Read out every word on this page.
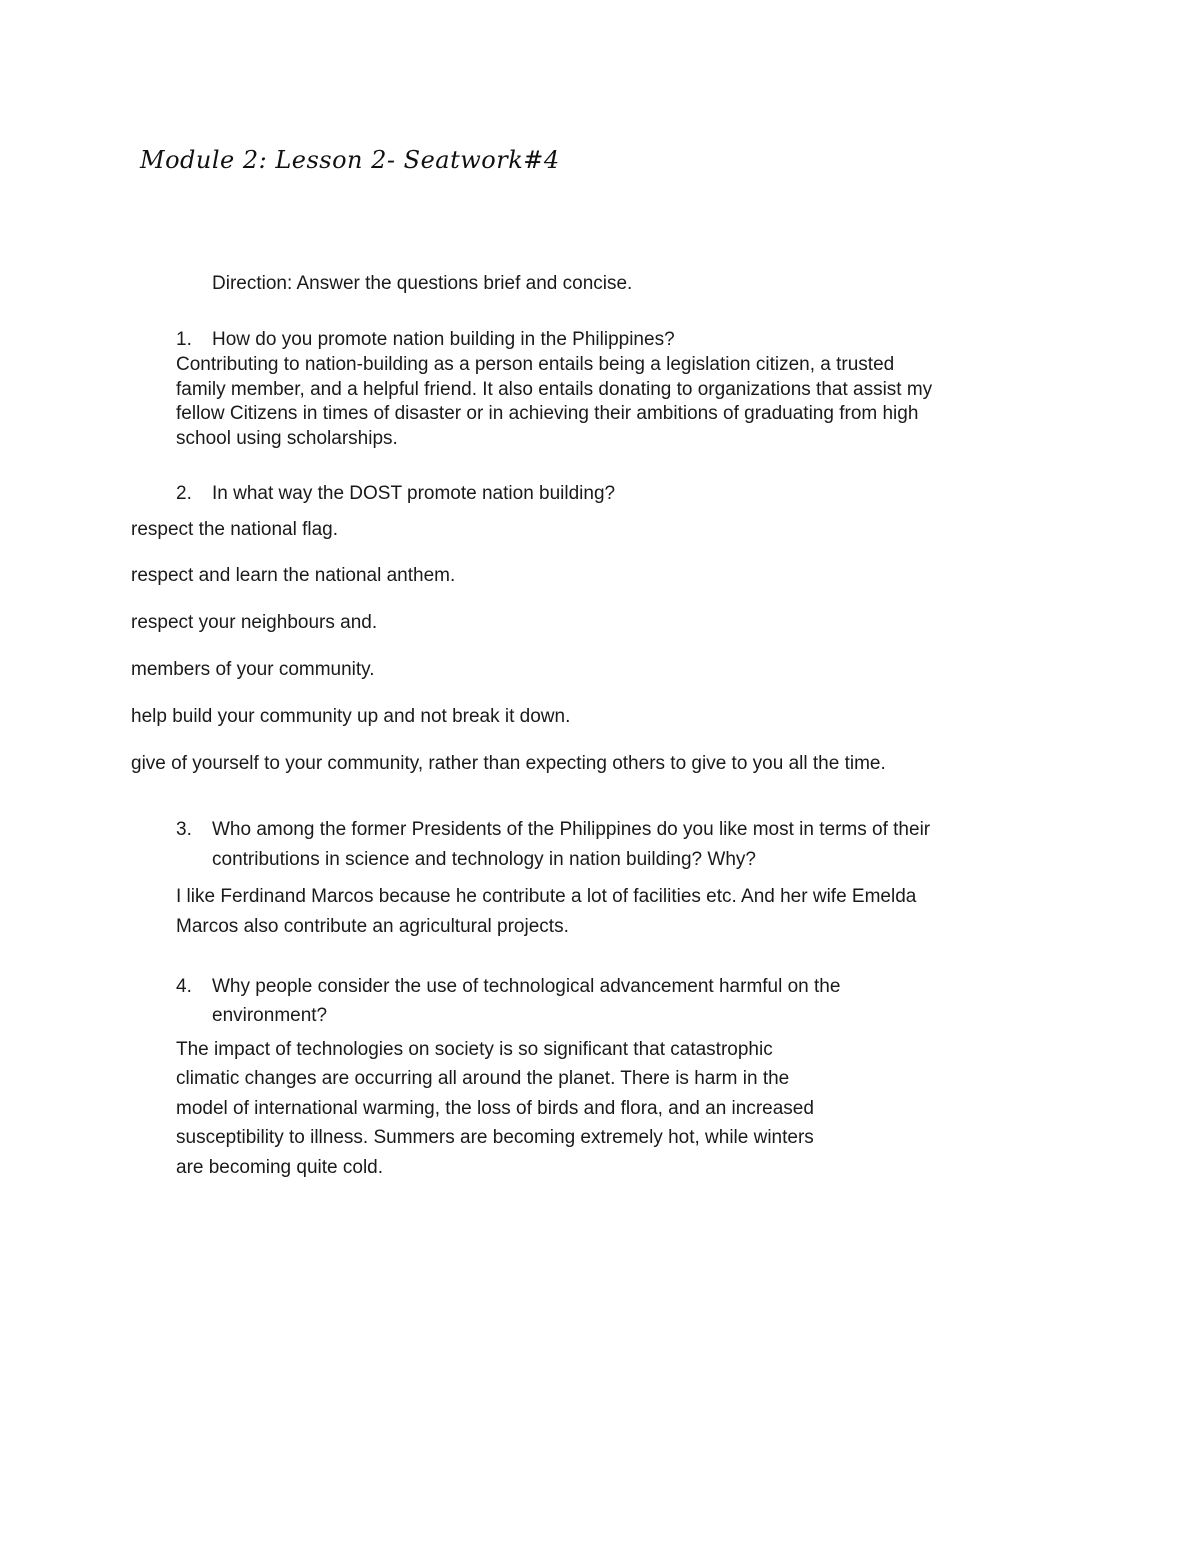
Module 2: Lesson 2- Seatwork#4

Direction: Answer the questions brief and concise.

1. How do you promote nation building in the Philippines?
Contributing to nation-building as a person entails being a legislation citizen, a trusted
family member, and a helpful friend. It also entails donating to organizations that assist my
fellow Citizens in times of disaster or in achieving their ambitions of graduating from high
school using scholarships.
2. In what way the DOST promote nation building?

respect the national flag.

respect and learn the national anthem.

respect your neighbours and.

members of your community.

help build your community up and not break it down.

give of yourself to your community, rather than expecting others to give to you all the time.

3. Who among the former Presidents of the Philippines do you like most in terms of their
contributions in science and technology in nation building? Why?
I like Ferdinand Marcos because he contribute a lot of facilities etc. And her wife Emelda
Marcos also contribute an agricultural projects.
4. Why people consider the use of technological advancement harmful on the
environment?
The impact of technologies on society is so significant that catastrophic
climatic changes are occurring all around the planet. There is harm in the
model of international warming, the loss of birds and flora, and an increased
susceptibility to illness. Summers are becoming extremely hot, while winters
are becoming quite cold.
